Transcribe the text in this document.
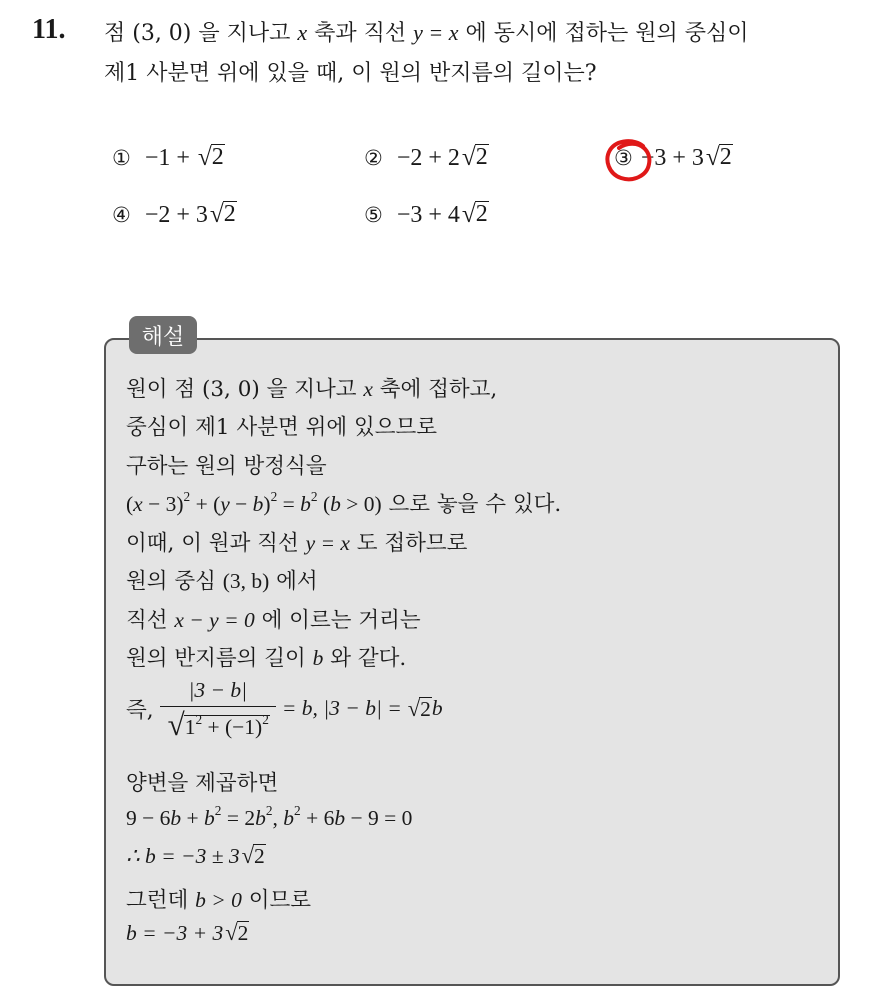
11. 점 (3, 0) 을 지나고 x 축과 직선 y = x 에 동시에 접하는 원의 중심이
제1 사분면 위에 있을 때, 이 원의 반지름의 길이는?
① −1 + √ 2	② −2 + 2 √ 2	③ −3 + 3 √ 2
④ −2 + 3 √ 2	⑤ −3 + 4 √ 2
해설
원이 점 (3, 0) 을 지나고 x 축에 접하고,
중심이 제1 사분면 위에 있으므로
구하는 원의 방정식을
$(x - 3)^2 + (y - b)^2 = b^2$ (b > 0) 으로 놓을 수 있다.
이때, 이 원과 직선 y = x 도 접하므로
원의 중심 (3, b) 에서
직선 x − y = 0 에 이르는 거리는
원의 반지름의 길이 b 와 같다.
즉, $\frac{|3 - b|}{√ 1^2 + (-1)^2} = b$, |3 − b| = √ 2 b
양변을 제곱하면
$9 - 6b + b^2 = 2b^2$, $b^2 + 6b - 9 = 0$
∴ b = −3 ± 3 √ 2
그런데 b > 0 이므로
b = −3 + 3 √ 2
